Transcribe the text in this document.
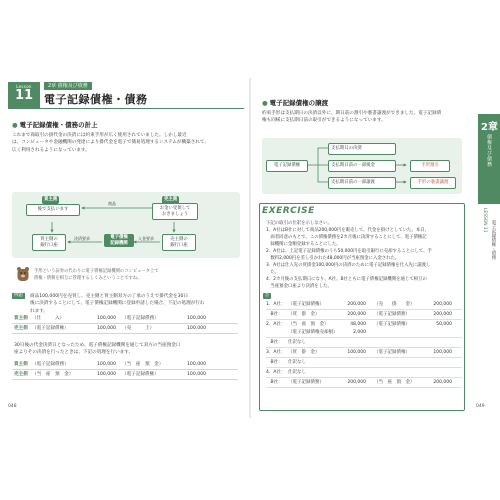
Lesson
11
2章 債権及び債務
電子記録債権・債務
● 電子記録債権・債務の計上
これまで商取引の掛代金の決済には約束手形が広く使用されていました。しかし最近
は、コンピュータや金融機関の発達により掛代金を電子で簡易処理するシステムが構築されて、
広く利用されるようになっています。
買主側
後で支払います
商品
売主側
お金い受領して
おきましょう
買主側の
銀行口座
電子債権
記録機関
売主側の
銀行口座
決済要求	入金要求
手形という証券の代わりに電子債権記録機関のコンピュータ上で
債権・債務を相互に管理するしくみということですね。
例題	商品100,000円を売買し、売主側と買主側双方の了承のうえで掛代金を30日
後に決済することにして、電子債権記録機関に登録申請した場合、下記の処理が行わ
れます。
買主側 （仕　　　入）	100,000 （電子記録債務）	100,000
売主側 （電子記録債権）	100,000 （売　　　上）	100,000
30日後の代金決済日となったため、電子債権記録機関を通じて双方の当座預金口
座よりその決済を行ったときは、下記の処理を行います。
買主側 （電子記録債務）	100,000 （当　座　預　金）	100,000
売主側 （当　座　預　金）	100,000 （電子記録債権）	100,000
048
● 電子記録債権の譲渡
約束手形は支払期日の決済以外に、期日前の割引や裏書譲渡ができました。電子記録債
権も同様に支払期日前の取引ができるようになっています。
電子記録債権
支払期日の決済
支払期日前の一部換金
支払期日前の一部譲渡
手形割引
手形の裏書譲渡
EXERCISE
下記の取引の仕訳を示しなさい。
1．A社はB社に対して商品200,000円を販売して、代金を掛けとしていた。本日、
　両者同意のもとで、この債権債務を2カ月後に決済することにして、電子債権記
　録機関に金額登録することにした。
2．A社は、上記電子記録債権のうち50,000円を取引銀行に売却することにして、手
　数料2,000円を差し引かれた48,000円が当座預金に入金された。
3．A社は仕入先の買掛金100,000円の決済のために電子記録債権を仕入先に譲渡し
　た。
4．2カ月後の支払期日になり、A社、B社ともに電子債権記録機関を通じて相互の
　当座預金口座より決済をした。
答
1．A社： （電子記録債権）	200,000 （売　　掛　　金）	200,000
　B社： （買　掛　金）	200,000 （電子記録債務）	200,000
2．A社： （当　座　預　金）	48,000 （電子記録債権）	50,000
（電子記録債権売却損）	2,000
　B社： 仕訳なし
3．A社： （買　掛　金）	100,000 （電子記録債権）	100,000
　B社： 仕訳なし
4．A社： 仕訳なし
　B社： （電子記録債務）	200,000 （当　座　預　金）	200,000
2章
債権及び債務
LESSON 11 電子記録債権・債務
049
